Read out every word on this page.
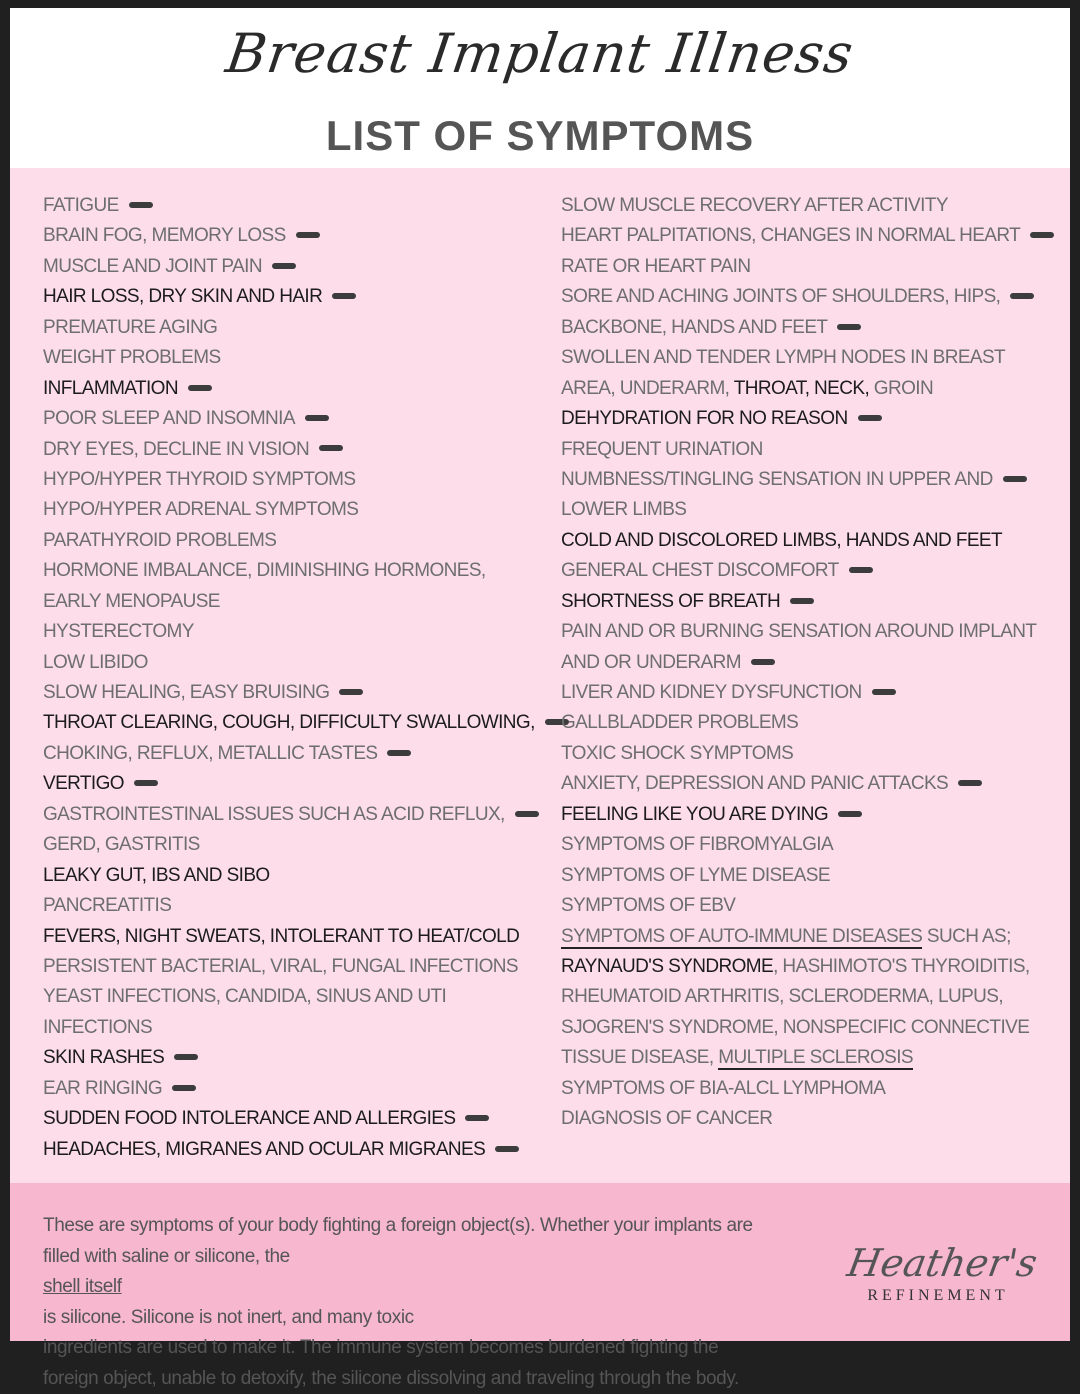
Breast Implant Illness
LIST OF SYMPTOMS
FATIGUE
BRAIN FOG, MEMORY LOSS
MUSCLE AND JOINT PAIN
HAIR LOSS, DRY SKIN AND HAIR
PREMATURE AGING
WEIGHT PROBLEMS
INFLAMMATION
POOR SLEEP AND INSOMNIA
DRY EYES, DECLINE IN VISION
HYPO/HYPER THYROID SYMPTOMS
HYPO/HYPER ADRENAL SYMPTOMS
PARATHYROID PROBLEMS
HORMONE IMBALANCE, DIMINISHING HORMONES,
EARLY MENOPAUSE
HYSTERECTOMY
LOW LIBIDO
SLOW HEALING, EASY BRUISING
THROAT CLEARING, COUGH, DIFFICULTY SWALLOWING,
CHOKING, REFLUX, METALLIC TASTES
VERTIGO
GASTROINTESTINAL ISSUES SUCH AS ACID REFLUX,
GERD, GASTRITIS
LEAKY GUT, IBS AND SIBO
PANCREATITIS
FEVERS, NIGHT SWEATS, INTOLERANT TO HEAT/COLD
PERSISTENT BACTERIAL, VIRAL, FUNGAL INFECTIONS
YEAST INFECTIONS, CANDIDA, SINUS AND UTI
INFECTIONS
SKIN RASHES
EAR RINGING
SUDDEN FOOD INTOLERANCE AND ALLERGIES
HEADACHES, MIGRANES AND OCULAR MIGRANES
SLOW MUSCLE RECOVERY AFTER ACTIVITY
HEART PALPITATIONS, CHANGES IN NORMAL HEART
RATE OR HEART PAIN
SORE AND ACHING JOINTS OF SHOULDERS, HIPS,
BACKBONE, HANDS AND FEET
SWOLLEN AND TENDER LYMPH NODES IN BREAST
AREA, UNDERARM, THROAT, NECK, GROIN
DEHYDRATION FOR NO REASON
FREQUENT URINATION
NUMBNESS/TINGLING SENSATION IN UPPER AND
LOWER LIMBS
COLD AND DISCOLORED LIMBS, HANDS AND FEET
GENERAL CHEST DISCOMFORT
SHORTNESS OF BREATH
PAIN AND OR BURNING SENSATION AROUND IMPLANT
AND OR UNDERARM
LIVER AND KIDNEY DYSFUNCTION
GALLBLADDER PROBLEMS
TOXIC SHOCK SYMPTOMS
ANXIETY, DEPRESSION AND PANIC ATTACKS
FEELING LIKE YOU ARE DYING
SYMPTOMS OF FIBROMYALGIA
SYMPTOMS OF LYME DISEASE
SYMPTOMS OF EBV
SYMPTOMS OF AUTO-IMMUNE DISEASES SUCH AS;
RAYNAUD'S SYNDROME, HASHIMOTO'S THYROIDITIS,
RHEUMATOID ARTHRITIS, SCLERODERMA, LUPUS,
SJOGREN'S SYNDROME, NONSPECIFIC CONNECTIVE
TISSUE DISEASE, MULTIPLE SCLEROSIS
SYMPTOMS OF BIA-ALCL LYMPHOMA
DIAGNOSIS OF CANCER
These are symptoms of your body fighting a foreign object(s). Whether your implants are
filled with saline or silicone, the
shell itself
is silicone. Silicone is not inert, and many toxic
ingredients are used to make it. The immune system becomes burdened fighting the
foreign object, unable to detoxify, the silicone dissolving and traveling through the body.
Heather's
REFINEMENT
